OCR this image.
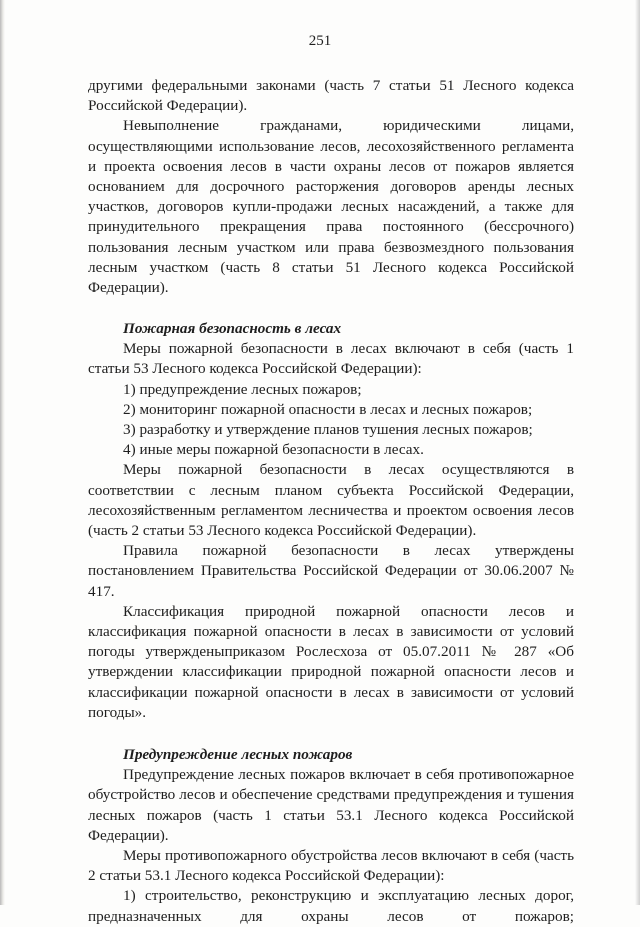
251

другими федеральными законами (часть 7 статьи 51 Лесного кодекса Российской Федерации).

Невыполнение гражданами, юридическими лицами, осуществляющими использование лесов, лесохозяйственного регламента и проекта освоения лесов в части охраны лесов от пожаров является основанием для досрочного расторжения договоров аренды лесных участков, договоров купли-продажи лесных насаждений, а также для принудительного прекращения права постоянного (бессрочного) пользования лесным участком или права безвозмездного пользования лесным участком (часть 8 статьи 51 Лесного кодекса Российской Федерации).

Пожарная безопасность в лесах

Меры пожарной безопасности в лесах включают в себя (часть 1 статьи 53 Лесного кодекса Российской Федерации):

1) предупреждение лесных пожаров;

2) мониторинг пожарной опасности в лесах и лесных пожаров;

3) разработку и утверждение планов тушения лесных пожаров;

4) иные меры пожарной безопасности в лесах.

Меры пожарной безопасности в лесах осуществляются в соответствии с лесным планом субъекта Российской Федерации, лесохозяйственным регламентом лесничества и проектом освоения лесов (часть 2 статьи 53 Лесного кодекса Российской Федерации).

Правила пожарной безопасности в лесах утверждены постановлением Правительства Российской Федерации от 30.06.2007 № 417.

Классификация природной пожарной опасности лесов и классификация пожарной опасности в лесах в зависимости от условий погоды утвержденыприказом Рослесхоза от 05.07.2011 № 287 «Об утверждении классификации природной пожарной опасности лесов и классификации пожарной опасности в лесах в зависимости от условий погоды».

Предупреждение лесных пожаров

Предупреждение лесных пожаров включает в себя противопожарное обустройство лесов и обеспечение средствами предупреждения и тушения лесных пожаров (часть 1 статьи 53.1 Лесного кодекса Российской Федерации).

Меры противопожарного обустройства лесов включают в себя (часть 2 статьи 53.1 Лесного кодекса Российской Федерации):

1) строительство, реконструкцию и эксплуатацию лесных дорог, предназначенных для охраны лесов от пожаров;
